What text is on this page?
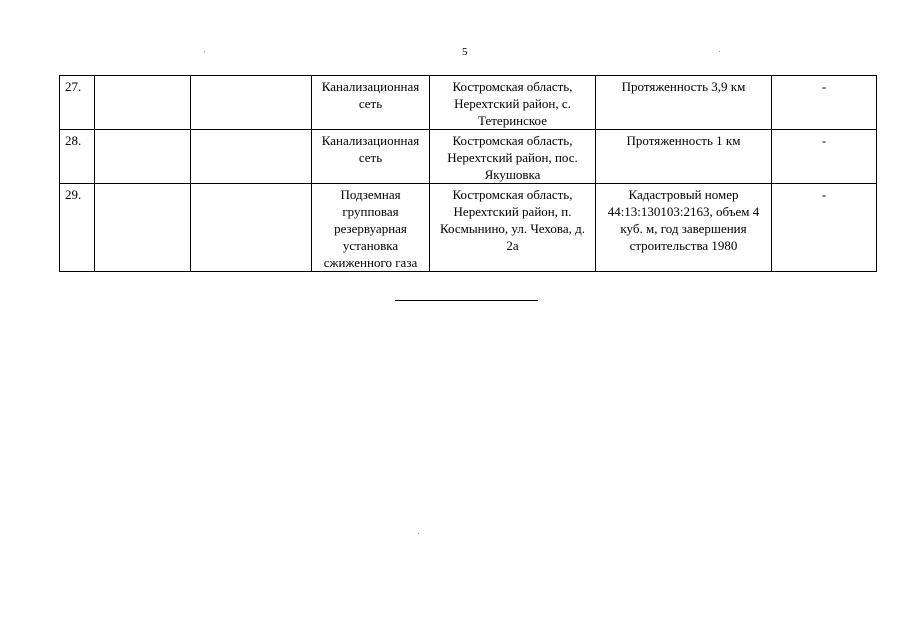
5
27.			Канализационная сеть	Костромская область, Нерехтский район, с. Тетеринское	Протяженность 3,9 км	-
28.			Канализационная сеть	Костромская область, Нерехтский район, пос. Якушовка	Протяженность 1 км	-
29.			Подземная групповая резервуарная установка сжиженного газа	Костромская область, Нерехтский район, п. Космынино, ул. Чехова, д. 2а	Кадастровый номер 44:13:130103:2163, объем 4 куб. м, год завершения строительства 1980	-
